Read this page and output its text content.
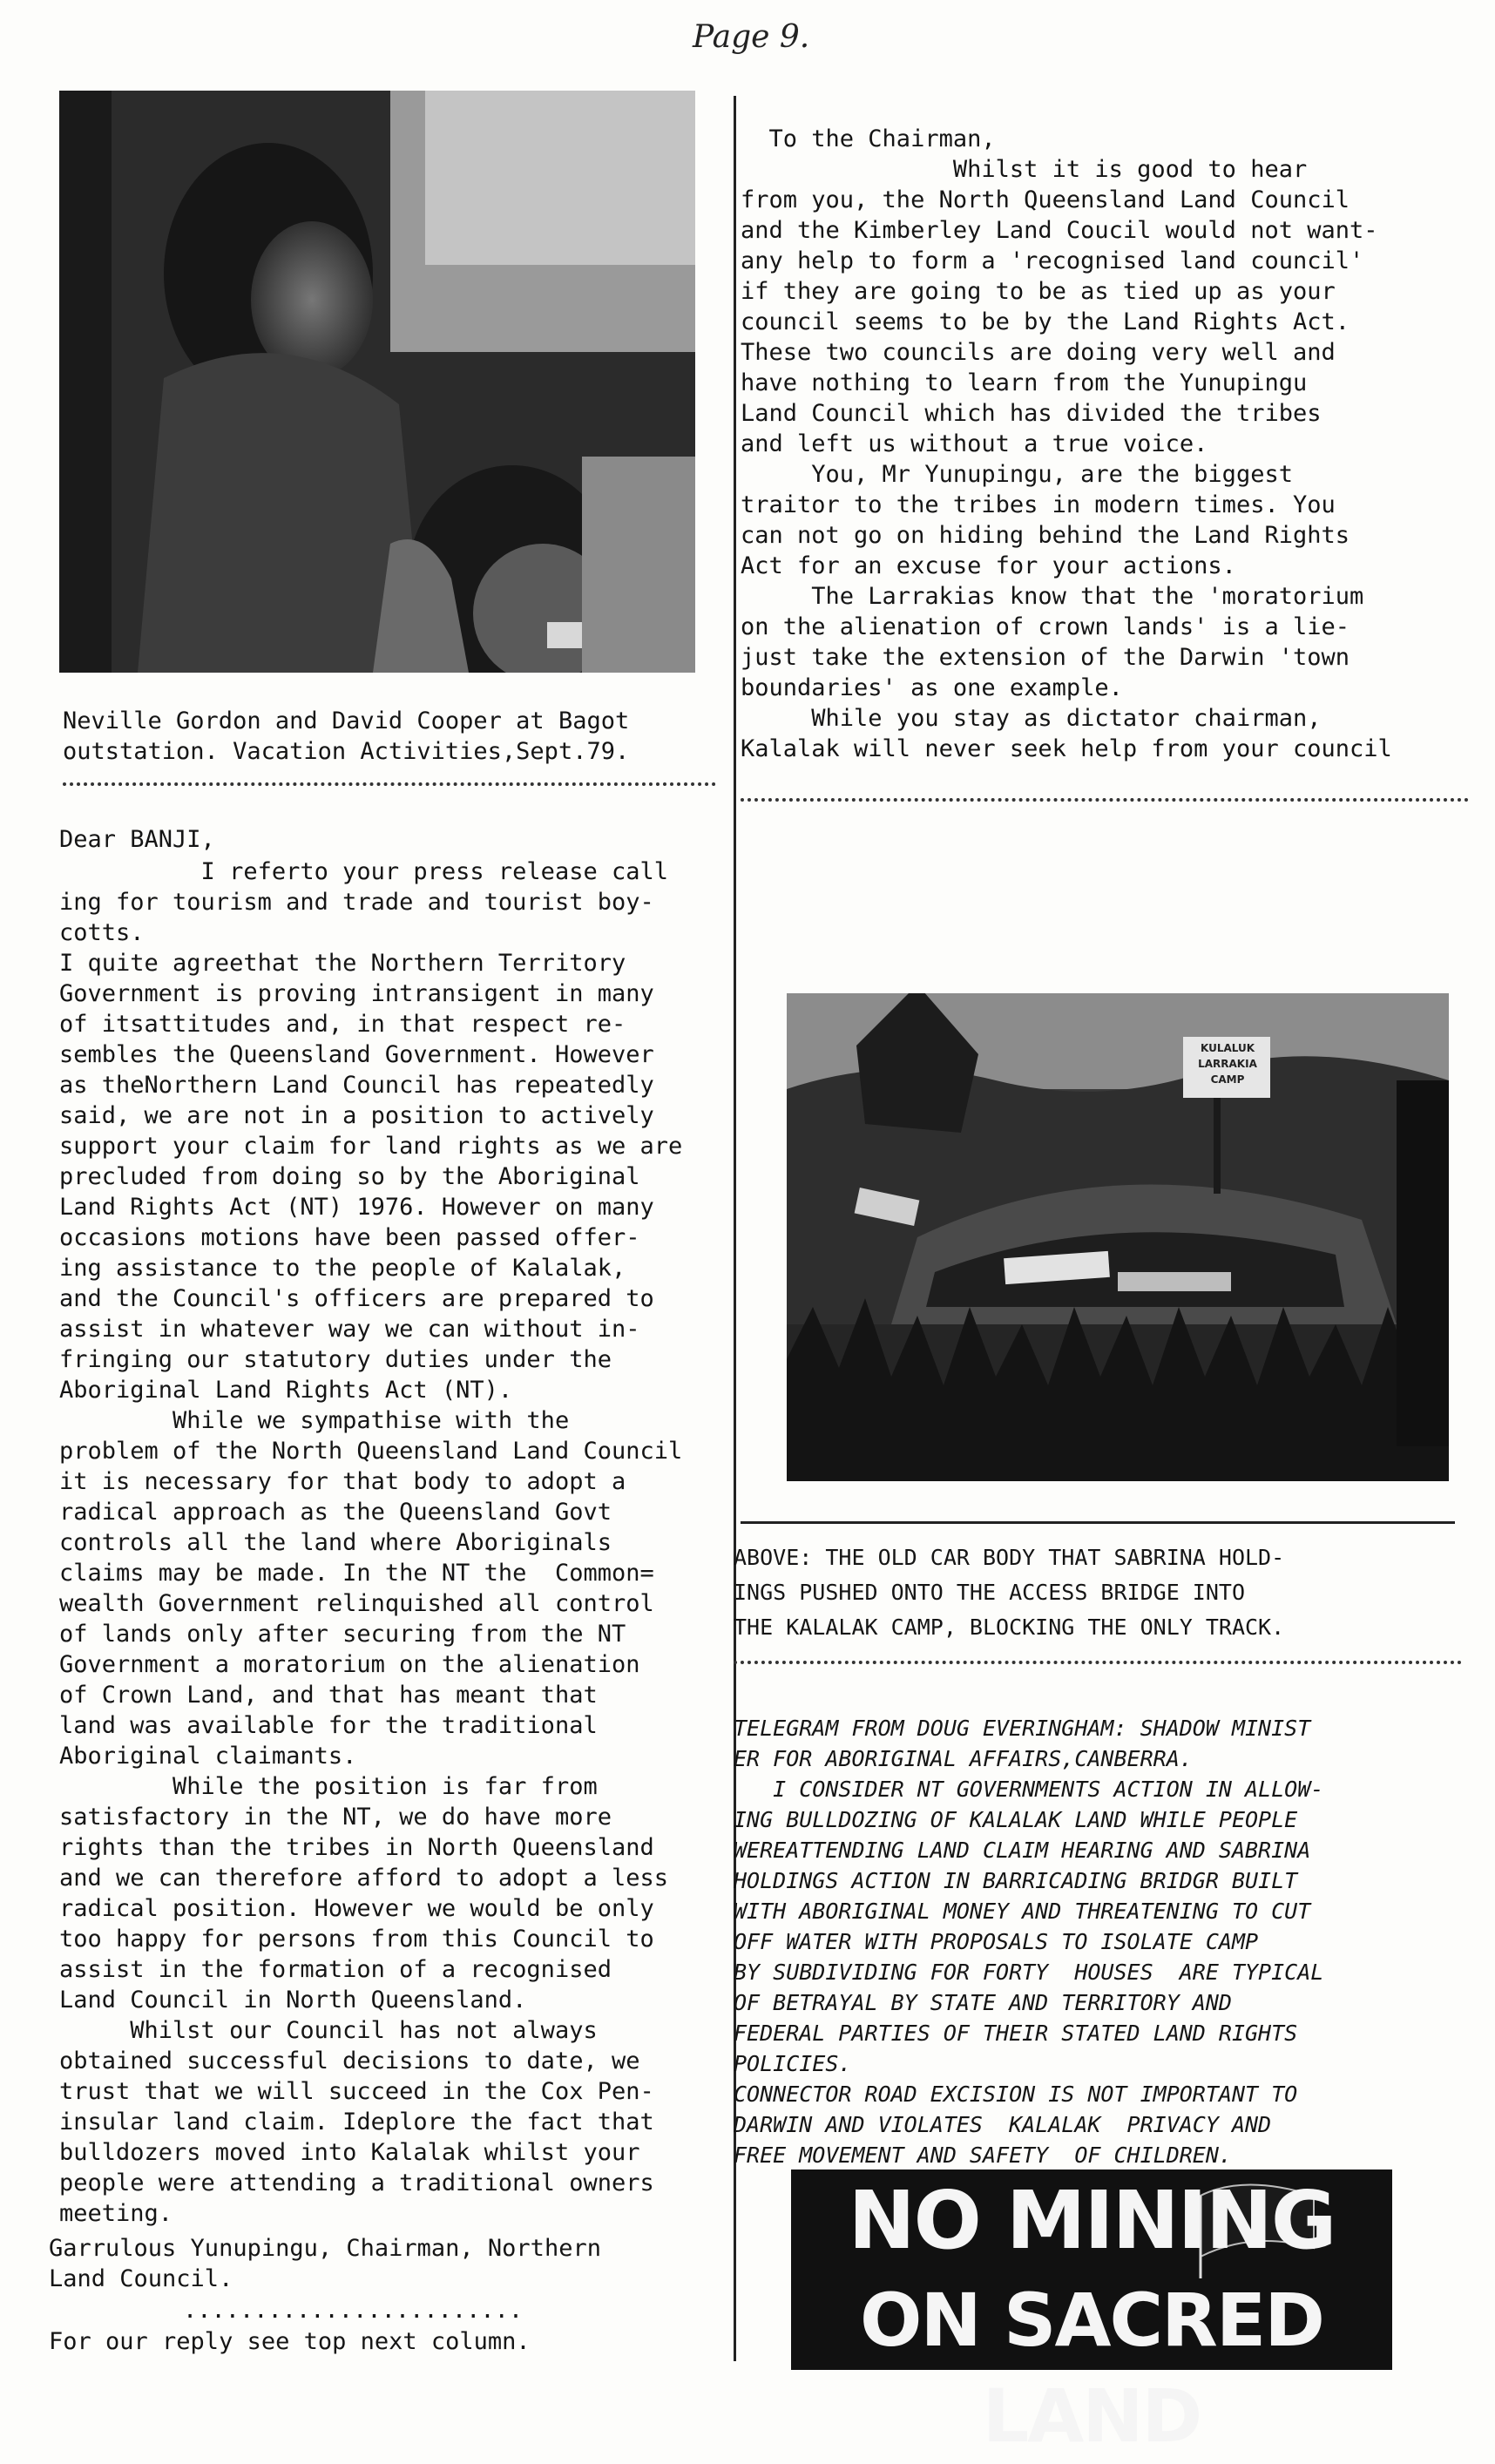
Page 9.
Neville Gordon and David Cooper at Bagot
outstation. Vacation Activities,Sept.79.
Dear BANJI,
I referto your press release call
ing for tourism and trade and tourist boy-
cotts.
I quite agreethat the Northern Territory
Government is proving intransigent in many
of itsattitudes and, in that respect re-
sembles the Queensland Government. However
as theNorthern Land Council has repeatedly
said, we are not in a position to actively
support your claim for land rights as we are
precluded from doing so by the Aboriginal
Land Rights Act (NT) 1976. However on many
occasions motions have been passed offer-
ing assistance to the people of Kalalak,
and the Council's officers are prepared to
assist in whatever way we can without in-
fringing our statutory duties under the
Aboriginal Land Rights Act (NT).
While we sympathise with the
problem of the North Queensland Land Council
it is necessary for that body to adopt a
radical approach as the Queensland Govt
controls all the land where Aboriginals
claims may be made. In the NT the  Common=
wealth Government relinquished all control
of lands only after securing from the NT
Government a moratorium on the alienation
of Crown Land, and that has meant that
land was available for the traditional
Aboriginal claimants.
While the position is far from
satisfactory in the NT, we do have more
rights than the tribes in North Queensland
and we can therefore afford to adopt a less
radical position. However we would be only
too happy for persons from this Council to
assist in the formation of a recognised
Land Council in North Queensland.
Whilst our Council has not always
obtained successful decisions to date, we
trust that we will succeed in the Cox Pen-
insular land claim. Ideplore the fact that
bulldozers moved into Kalalak whilst your
people were attending a traditional owners
meeting.
Garrulous Yunupingu, Chairman, Northern
Land Council.
........................
For our reply see top next column.
To the Chairman,
Whilst it is good to hear
from you, the North Queensland Land Council
and the Kimberley Land Coucil would not want-
any help to form a 'recognised land council'
if they are going to be as tied up as your
council seems to be by the Land Rights Act.
These two councils are doing very well and
have nothing to learn from the Yunupingu
Land Council which has divided the tribes
and left us without a true voice.
You, Mr Yunupingu, are the biggest
traitor to the tribes in modern times. You
can not go on hiding behind the Land Rights
Act for an excuse for your actions.
The Larrakias know that the 'moratorium
on the alienation of crown lands' is a lie-
just take the extension of the Darwin 'town
boundaries' as one example.
While you stay as dictator chairman,
Kalalak will never seek help from your council
KULALUK
LARRAKIA
CAMP
ABOVE: THE OLD CAR BODY THAT SABRINA HOLD-
INGS PUSHED ONTO THE ACCESS BRIDGE INTO
THE KALALAK CAMP, BLOCKING THE ONLY TRACK.
TELEGRAM FROM DOUG EVERINGHAM: SHADOW MINIST
ER FOR ABORIGINAL AFFAIRS,CANBERRA.
I CONSIDER NT GOVERNMENTS ACTION IN ALLOW-
ING BULLDOZING OF KALALAK LAND WHILE PEOPLE
WEREATTENDING LAND CLAIM HEARING AND SABRINA
HOLDINGS ACTION IN BARRICADING BRIDGR BUILT
WITH ABORIGINAL MONEY AND THREATENING TO CUT
OFF WATER WITH PROPOSALS TO ISOLATE CAMP
BY SUBDIVIDING FOR FORTY  HOUSES  ARE TYPICAL
OF BETRAYAL BY STATE AND TERRITORY AND
FEDERAL PARTIES OF THEIR STATED LAND RIGHTS
POLICIES.
CONNECTOR ROAD EXCISION IS NOT IMPORTANT TO
DARWIN AND VIOLATES  KALALAK  PRIVACY AND
FREE MOVEMENT AND SAFETY  OF CHILDREN.
NO MINING
ON SACRED LAND
